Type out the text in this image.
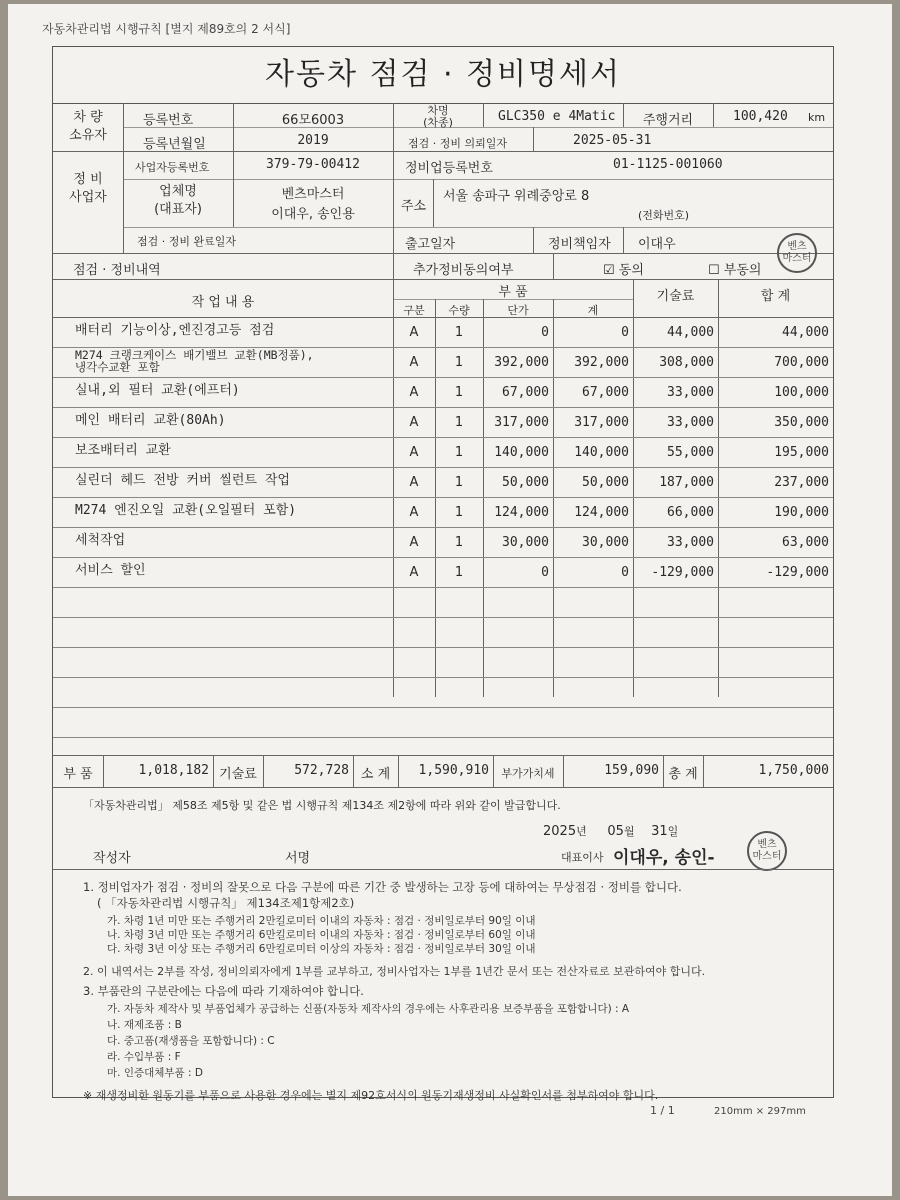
자동차관리법 시행규칙 [별지 제89호의 2 서식]
자동차 점검 · 정비명세서
차 량
소유자
등록번호	66모6003
차명
(차종)	GLC350 e 4Matic	주행거리	100,420 km
등록년월일	2019	점검 · 정비 의뢰일자	2025-05-31
정 비
사업자
사업자등록번호	379-79-00412	정비업등록번호	01-1125-001060
업체명
(대표자)
벤츠마스터
이대우, 송인용
주소
서울 송파구 위례중앙로 8
(전화번호)
점검 · 정비 완료일자	출고일자	정비책임자 이대우	벤츠
마스터
점검 · 정비내역	추가정비동의여부	☑ 동의	☐ 부동의
작 업 내 용
부 품	기술료	합 계
구분	수량	단가	계
배터리 기능이상,엔진경고등 점검	A	1	0	0	44,000	44,000
M274 크랭크케이스 배기밸브 교환(MB정품),
냉각수교환 포함	A	1	392,000	392,000	308,000	700,000
실내,외 필터 교환(에프터)	A	1	67,000	67,000	33,000	100,000
메인 배터리 교환(80Ah)	A	1	317,000	317,000	33,000	350,000
보조배터리 교환	A	1	140,000	140,000	55,000	195,000
실린더 헤드 전방 커버 씰런트 작업	A	1	50,000	50,000	187,000	237,000
M274 엔진오일 교환(오일필터 포함)	A	1	124,000	124,000	66,000	190,000
세척작업	A	1	30,000	30,000	33,000	63,000
서비스 할인	A	1	0	0	-129,000	-129,000
부 품	1,018,182 기술료	572,728 소 계	1,590,910	부가가치세	159,090 총 계	1,750,000
「자동차관리법」 제58조 제5항 및 같은 법 시행규칙 제134조 제2항에 따라 위와 같이 발급합니다.
2025년 05월 31일
작성자	서명	대표이사 이대우, 송인-
벤츠
마스터
1. 정비업자가 점검 · 정비의 잘못으로 다음 구분에 따른 기간 중 발생하는 고장 등에 대하여는 무상점검 · 정비를 합니다.
( 「자동차관리법 시행규칙」 제134조제1항제2호)
가. 차령 1년 미만 또는 주행거리 2만킬로미터 이내의 자동차 : 점검 · 정비일로부터 90일 이내
나. 차령 3년 미만 또는 주행거리 6만킬로미터 이내의 자동차 : 점검 · 정비일로부터 60일 이내
다. 차령 3년 이상 또는 주행거리 6만킬로미터 이상의 자동차 : 점검 · 정비일로부터 30일 이내
2. 이 내역서는 2부를 작성, 정비의뢰자에게 1부를 교부하고, 정비사업자는 1부를 1년간 문서 또는 전산자료로 보관하여야 합니다.
3. 부품란의 구분란에는 다음에 따라 기재하여야 합니다.
가. 자동차 제작사 및 부품업체가 공급하는 신품(자동차 제작사의 경우에는 사후관리용 보증부품을 포함합니다) : A
나. 재제조품 : B
다. 중고품(재생품을 포함합니다) : C
라. 수입부품 : F
마. 인증대체부품 : D
※ 재생정비한 원동기를 부품으로 사용한 경우에는 별지 제92호서식의 원동기재생정비 사실확인서를 첨부하여야 합니다.
1 / 1	210mm × 297mm
